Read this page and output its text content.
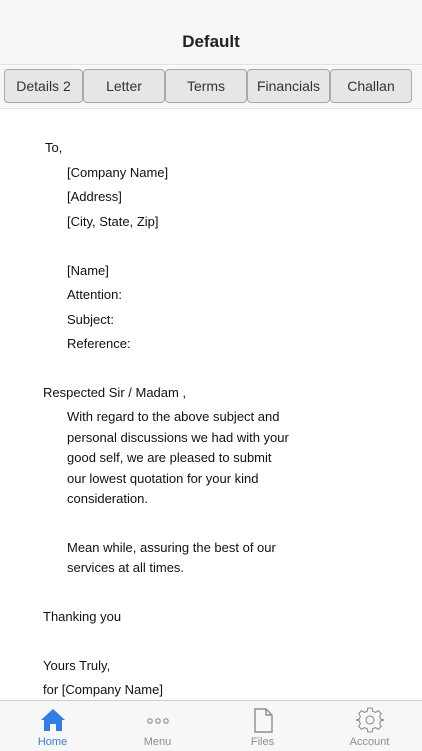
Default
Details 2	Letter	Terms	Financials	Challan
To,
[Company Name]
[Address]
[City, State, Zip]
[Name]
Attention:
Subject:
Reference:
Respected Sir / Madam ,
With regard to the above subject and
personal discussions we had with your
good self, we are pleased to submit
our lowest quotation for your kind
consideration.
Mean while, assuring the best of our
services at all times.
Thanking you
Yours Truly,
for [Company Name]
Home	Menu	Files	Account
